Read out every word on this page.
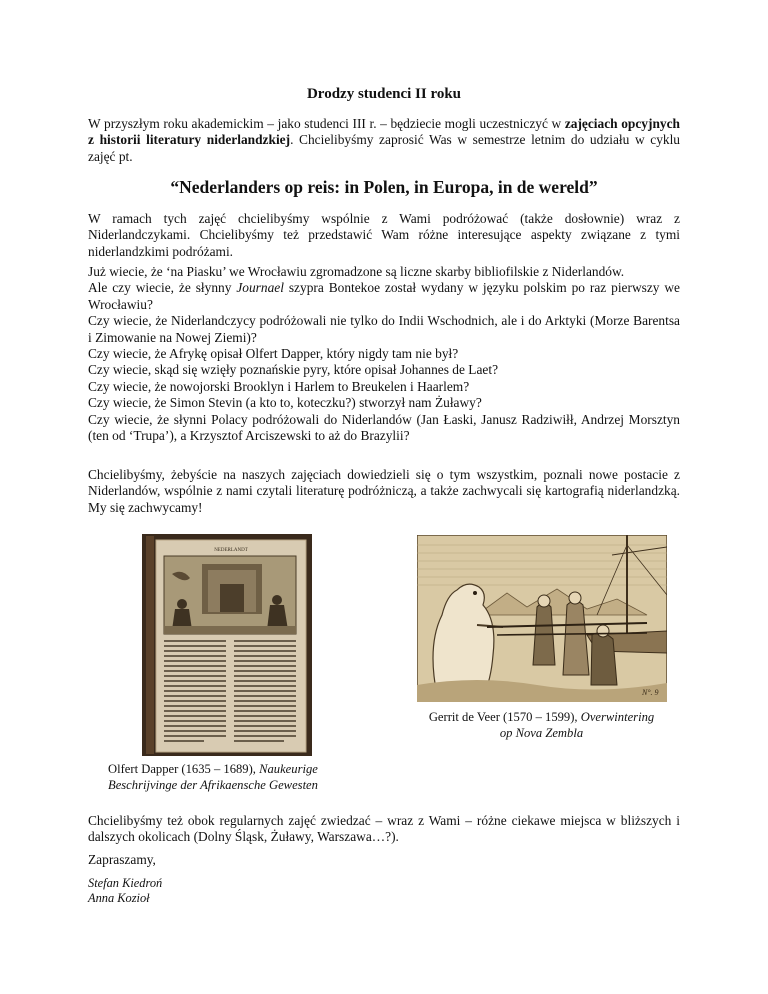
Drodzy studenci II roku
W przyszłym roku akademickim – jako studenci III r. – będziecie mogli uczestniczyć w zajęciach opcyjnych z historii literatury niderlandzkiej. Chcielibyśmy zaprosić Was w semestrze letnim do udziału w cyklu zajęć pt.
“Nederlanders op reis: in Polen, in Europa, in de wereld”
W ramach tych zajęć chcielibyśmy wspólnie z Wami podróżować (także dosłownie) wraz z Niderlandczykami. Chcielibyśmy też przedstawić Wam różne interesujące aspekty związane z tymi niderlandzkimi podróżami.
Już wiecie, że ‘na Piasku’ we Wrocławiu zgromadzone są liczne skarby bibliofilskie z Niderlandów.
Ale czy wiecie, że słynny Journael szypra Bontekoe został wydany w języku polskim po raz pierwszy we Wrocławiu?
Czy wiecie, że Niderlandczycy podróżowali nie tylko do Indii Wschodnich, ale i do Arktyki (Morze Barentsa i Zimowanie na Nowej Ziemi)?
Czy wiecie, że Afrykę opisał Olfert Dapper, który nigdy tam nie był?
Czy wiecie, skąd się wzięły poznańskie pyry, które opisał Johannes de Laet?
Czy wiecie, że nowojorski Brooklyn i Harlem to Breukelen i Haarlem?
Czy wiecie, że Simon Stevin (a kto to, koteczku?) stworzył nam Żuławy?
Czy wiecie, że słynni Polacy podróżowali do Niderlandów (Jan Łaski, Janusz Radziwiłł, Andrzej Morsztyn (ten od ‘Trupa’), a Krzysztof Arciszewski to aż do Brazylii?
Chcielibyśmy, żebyście na naszych zajęciach dowiedzieli się o tym wszystkim, poznali nowe postacie z Niderlandów, wspólnie z nami czytali literaturę podróżniczą, a także zachwycali się kartografią niderlandzką. My się zachwycamy!
Chcielibyśmy też obok regularnych zajęć zwiedzać – wraz z Wami – różne ciekawe miejsca w bliższych i dalszych okolicach (Dolny Śląsk, Żuławy, Warszawa…?).
Zapraszamy,
Stefan Kiedroń
Anna Kozioł
NEDERLANDT
Olfert Dapper (1635 – 1689), Naukeurige
Beschrijvinge der Afrikaensche Gewesten
N°. 9
Gerrit de Veer (1570 – 1599), Overwintering
op Nova Zembla
